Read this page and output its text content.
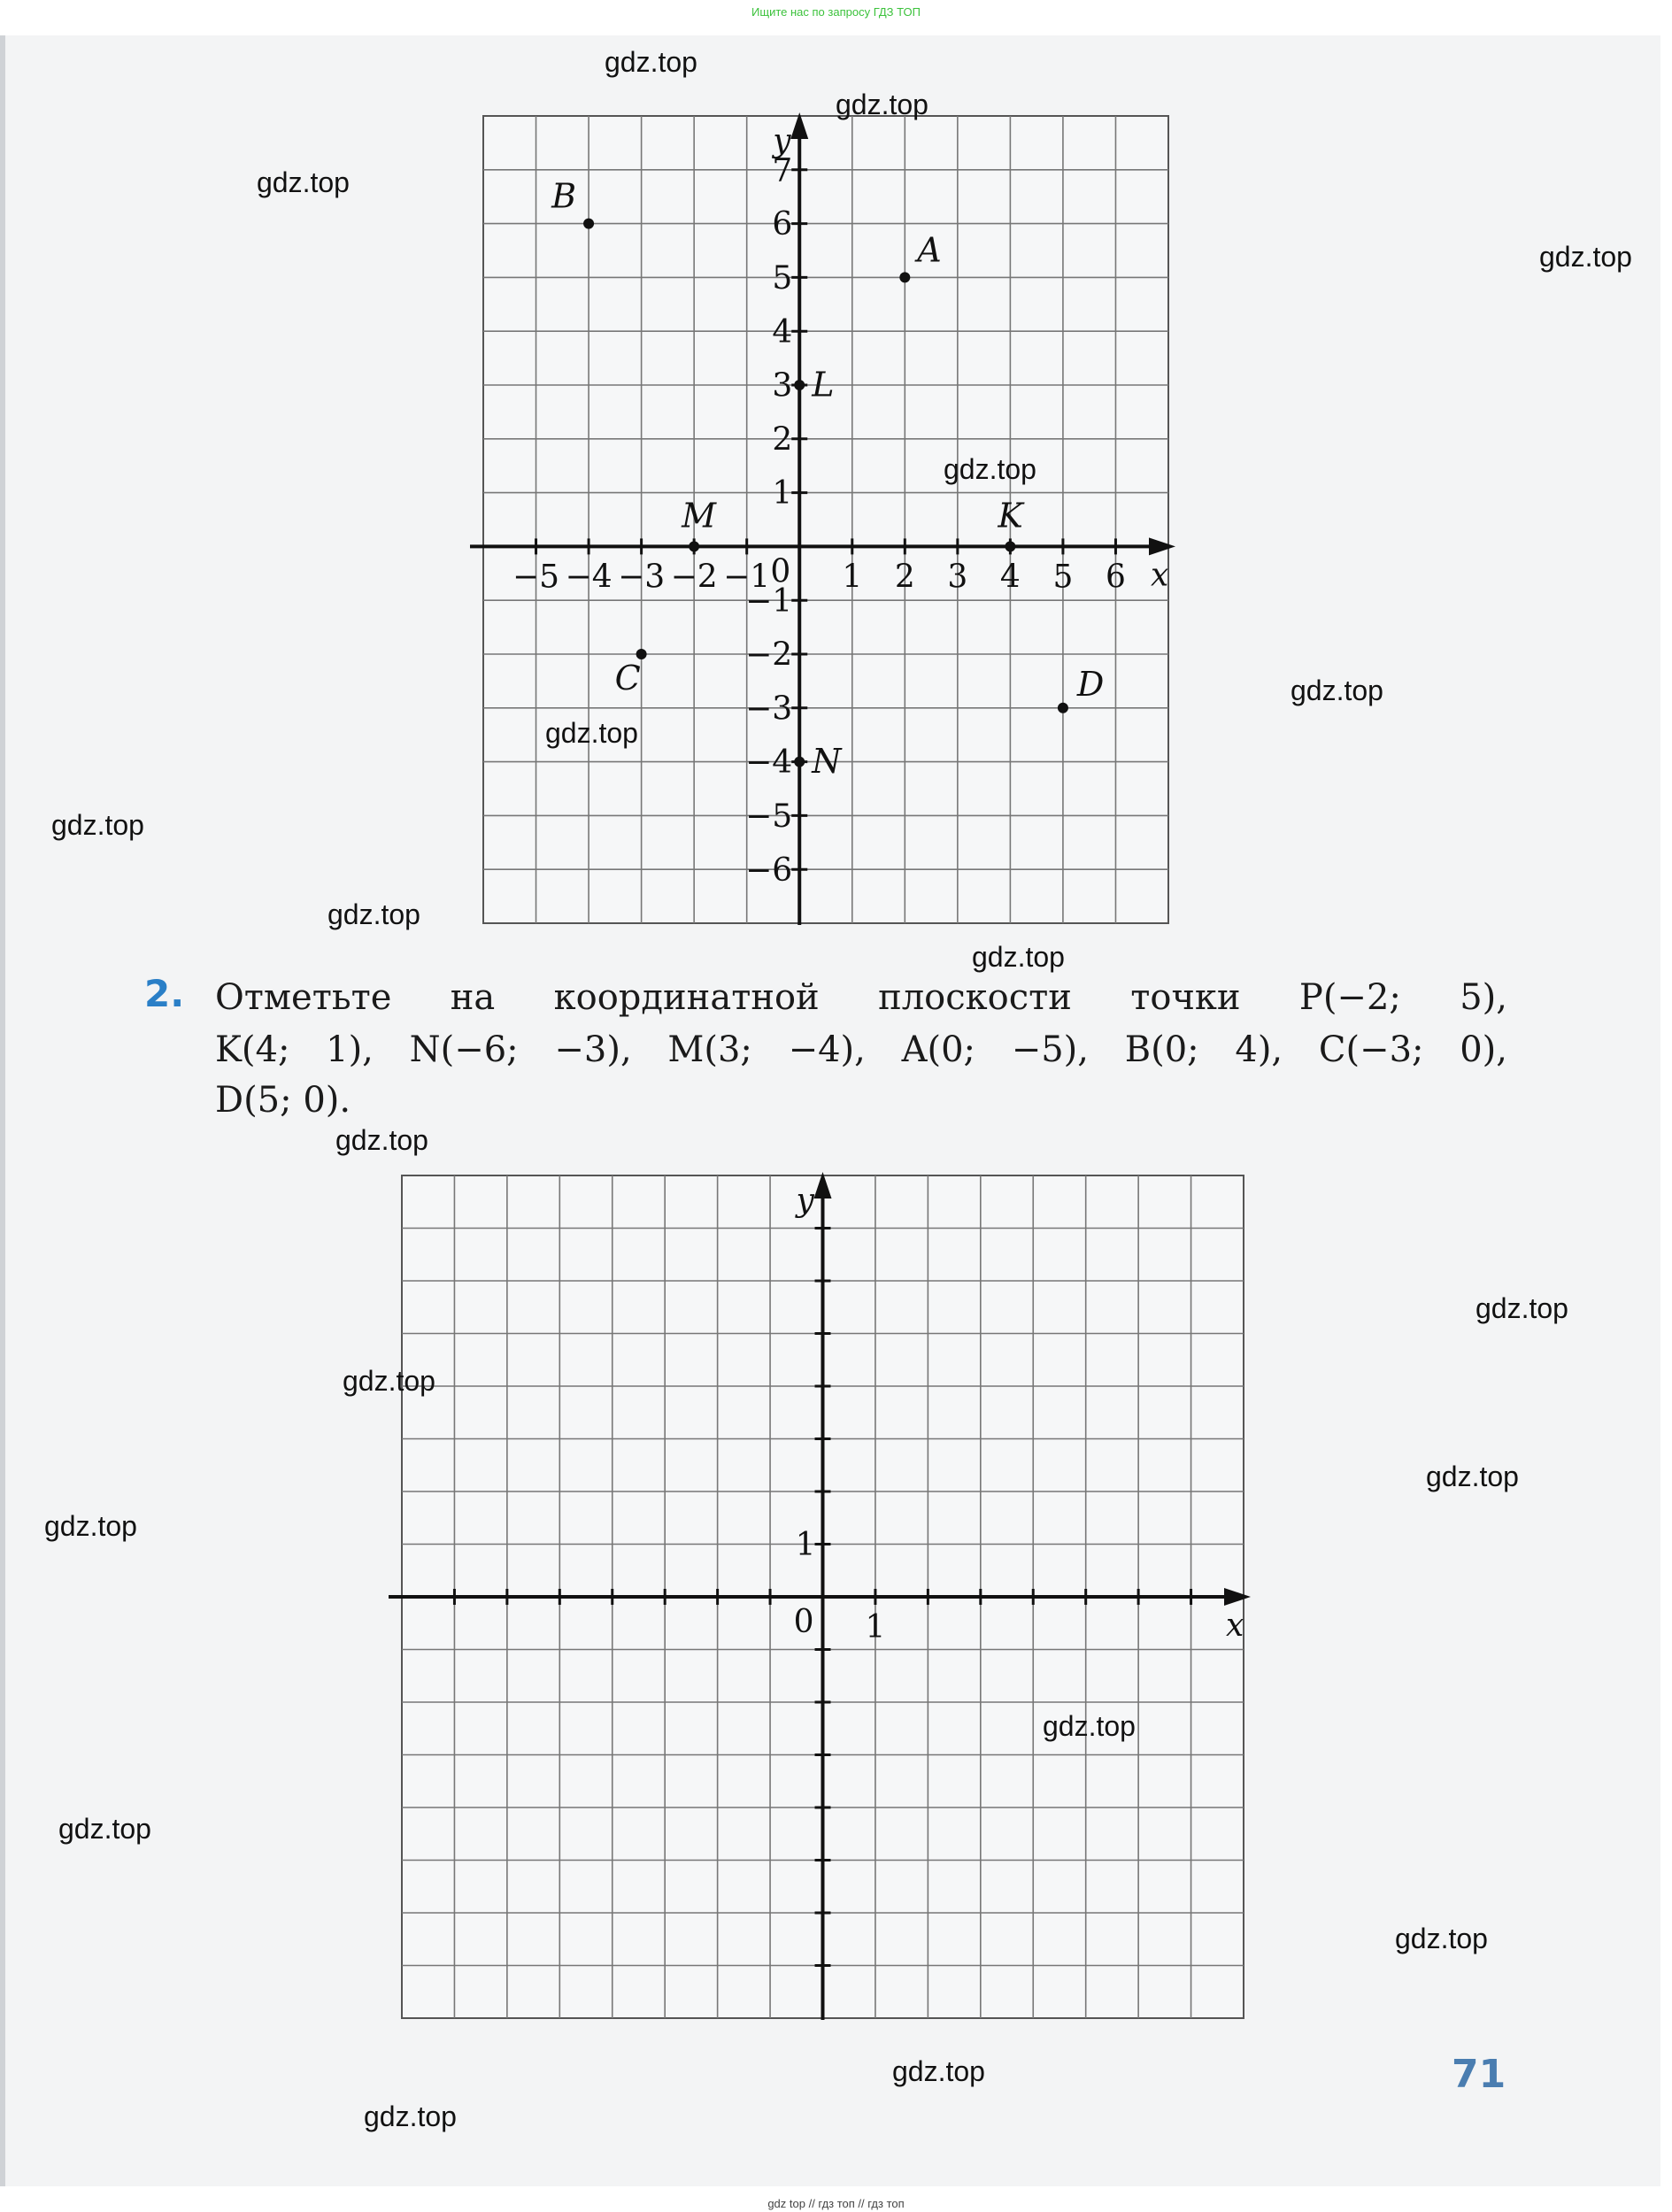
Ищите нас по запросу ГДЗ ТОП
−5 −4 −3 −2 −1 1 2 3 4 5 6
7
6
5
4
3
2
1
−1
−2
−3
−4
−5
−6
0	x
y
B
A
L
M	K
C	D
N
2. Отметьте на координатной плоскости точки P(−2; 5),
K(4; 1), N(−6; −3), M(3; −4), A(0; −5), B(0; 4), C(−3; 0),
D(5; 0).
1
1
0	x
y
71
gdz.top
gdz.top
gdz.top
gdz.top
gdz.top
gdz.top
gdz.top
gdz.top
gdz.top
gdz.top
gdz.top
gdz.top
gdz.top
gdz.top
gdz.top
gdz.top
gdz.top
gdz.top
gdz.top
gdz.top
gdz top // гдз топ // гдз топ
